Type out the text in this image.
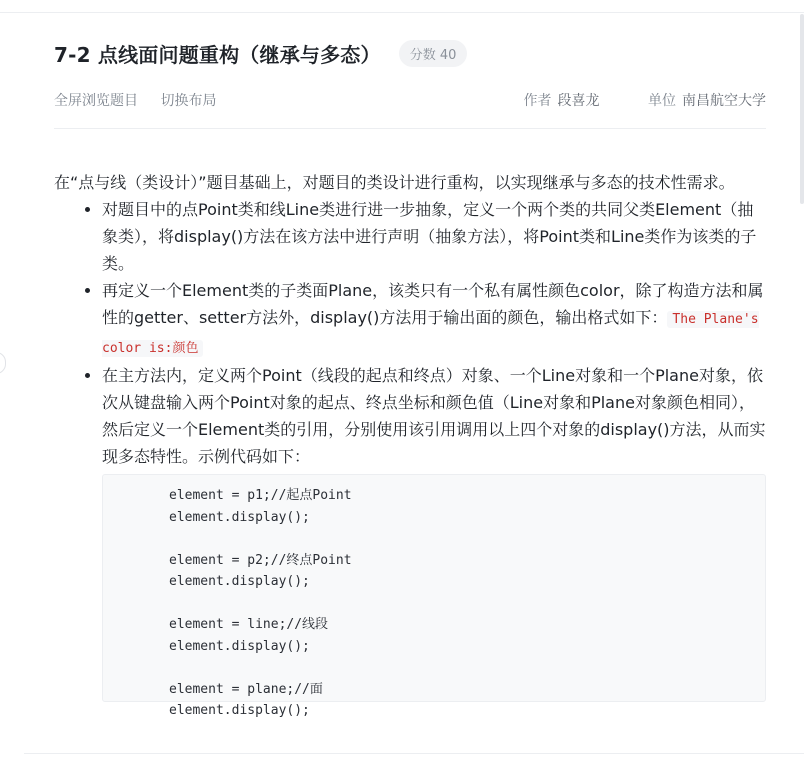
7-2 点线面问题重构（继承与多态）	分数 40
全屏浏览题目 切换布局	作者 段喜龙	单位 南昌航空大学

在“点与线（类设计）”题目基础上，对题目的类设计进行重构，以实现继承与多态的技术性需求。

• 对题目中的点Point类和线Line类进行进一步抽象，定义一个两个类的共同父类Element（抽象类），将display()方法在该方法中进行声明（抽象方法），将Point类和Line类作为该类的子类。
• 再定义一个Element类的子类面Plane，该类只有一个私有属性颜色color，除了构造方法和属性的getter、setter方法外，display()方法用于输出面的颜色，输出格式如下： The Plane's color is:颜色
• 在主方法内，定义两个Point（线段的起点和终点）对象、一个Line对象和一个Plane对象，依次从键盘输入两个Point对象的起点、终点坐标和颜色值（Line对象和Plane对象颜色相同），然后定义一个Element类的引用，分别使用该引用调用以上四个对象的display()方法，从而实现多态特性。示例代码如下：
element = p1;//起点Point
element.display();

element = p2;//终点Point
element.display();

element = line;//线段
element.display();

element = plane;//面
element.display();
